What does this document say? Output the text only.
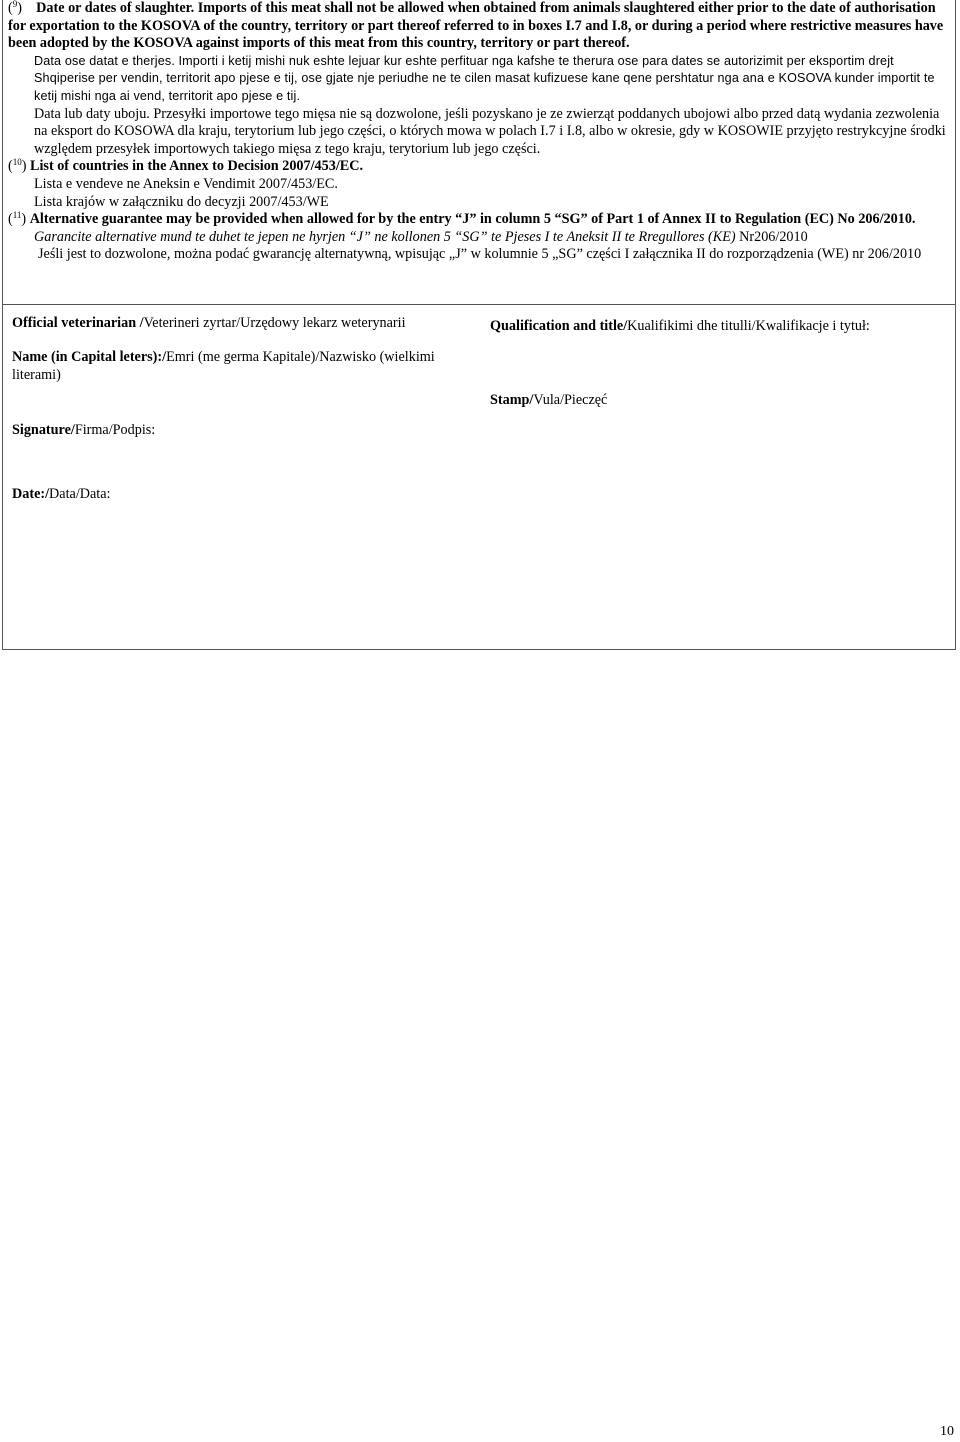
($^9$)    Date or dates of slaughter. Imports of this meat shall not be allowed when obtained from animals slaughtered either prior to the date of authorisation for exportation to the KOSOVA of the country, territory or part thereof referred to in boxes I.7 and I.8, or during a period where restrictive measures have been adopted by the KOSOVA against imports of this meat from this country, territory or part thereof.

Data ose datat e therjes. Importi i ketij mishi nuk eshte lejuar kur eshte perfituar nga kafshe te therura ose para dates se autorizimit per eksportim drejt Shqiperise per vendin, territorit apo pjese e tij, ose gjate nje periudhe ne te cilen masat kufizuese kane qene pershtatur nga ana e KOSOVA kunder importit te ketij mishi nga ai vend, territorit apo pjese e tij.

Data lub daty uboju. Przesyłki importowe tego mięsa nie są dozwolone, jeśli pozyskano je ze zwierząt poddanych ubojowi albo przed datą wydania zezwolenia na eksport do KOSOWA dla kraju, terytorium lub jego części, o których mowa w polach I.7 i I.8, albo w okresie, gdy w KOSOWIE przyjęto restrykcyjne środki względem przesyłek importowych takiego mięsa z tego kraju, terytorium lub jego części.

($^{10}$) List of countries in the Annex to Decision 2007/453/EC.

Lista e vendeve ne Aneksin e Vendimit 2007/453/EC.

Lista krajów w załączniku do decyzji 2007/453/WE

($^{11}$) Alternative guarantee may be provided when allowed for by the entry “J” in column 5 “SG” of Part 1 of Annex II to Regulation (EC) No 206/2010.

Garancite alternative mund te duhet te jepen ne hyrjen “J” ne kollonen 5 “SG” te Pjeses I te Aneksit II te Rregullores (KE) Nr206/2010

Jeśli jest to dozwolone, można podać gwarancję alternatywną, wpisując „J” w kolumnie 5 „SG” części I załącznika II do rozporządzenia (WE) nr 206/2010

Official veterinarian /Veterineri zyrtar/Urzędowy lekarz weterynarii	Qualification and title/Kualifikimi dhe titulli/Kwalifikacje i tytuł:
Name (in Capital leters):/Emri (me germa Kapitale)/Nazwisko (wielkimi literami)
Stamp/Vula/Pieczęć
Signature/Firma/Podpis:
Date:/Data/Data:
10
